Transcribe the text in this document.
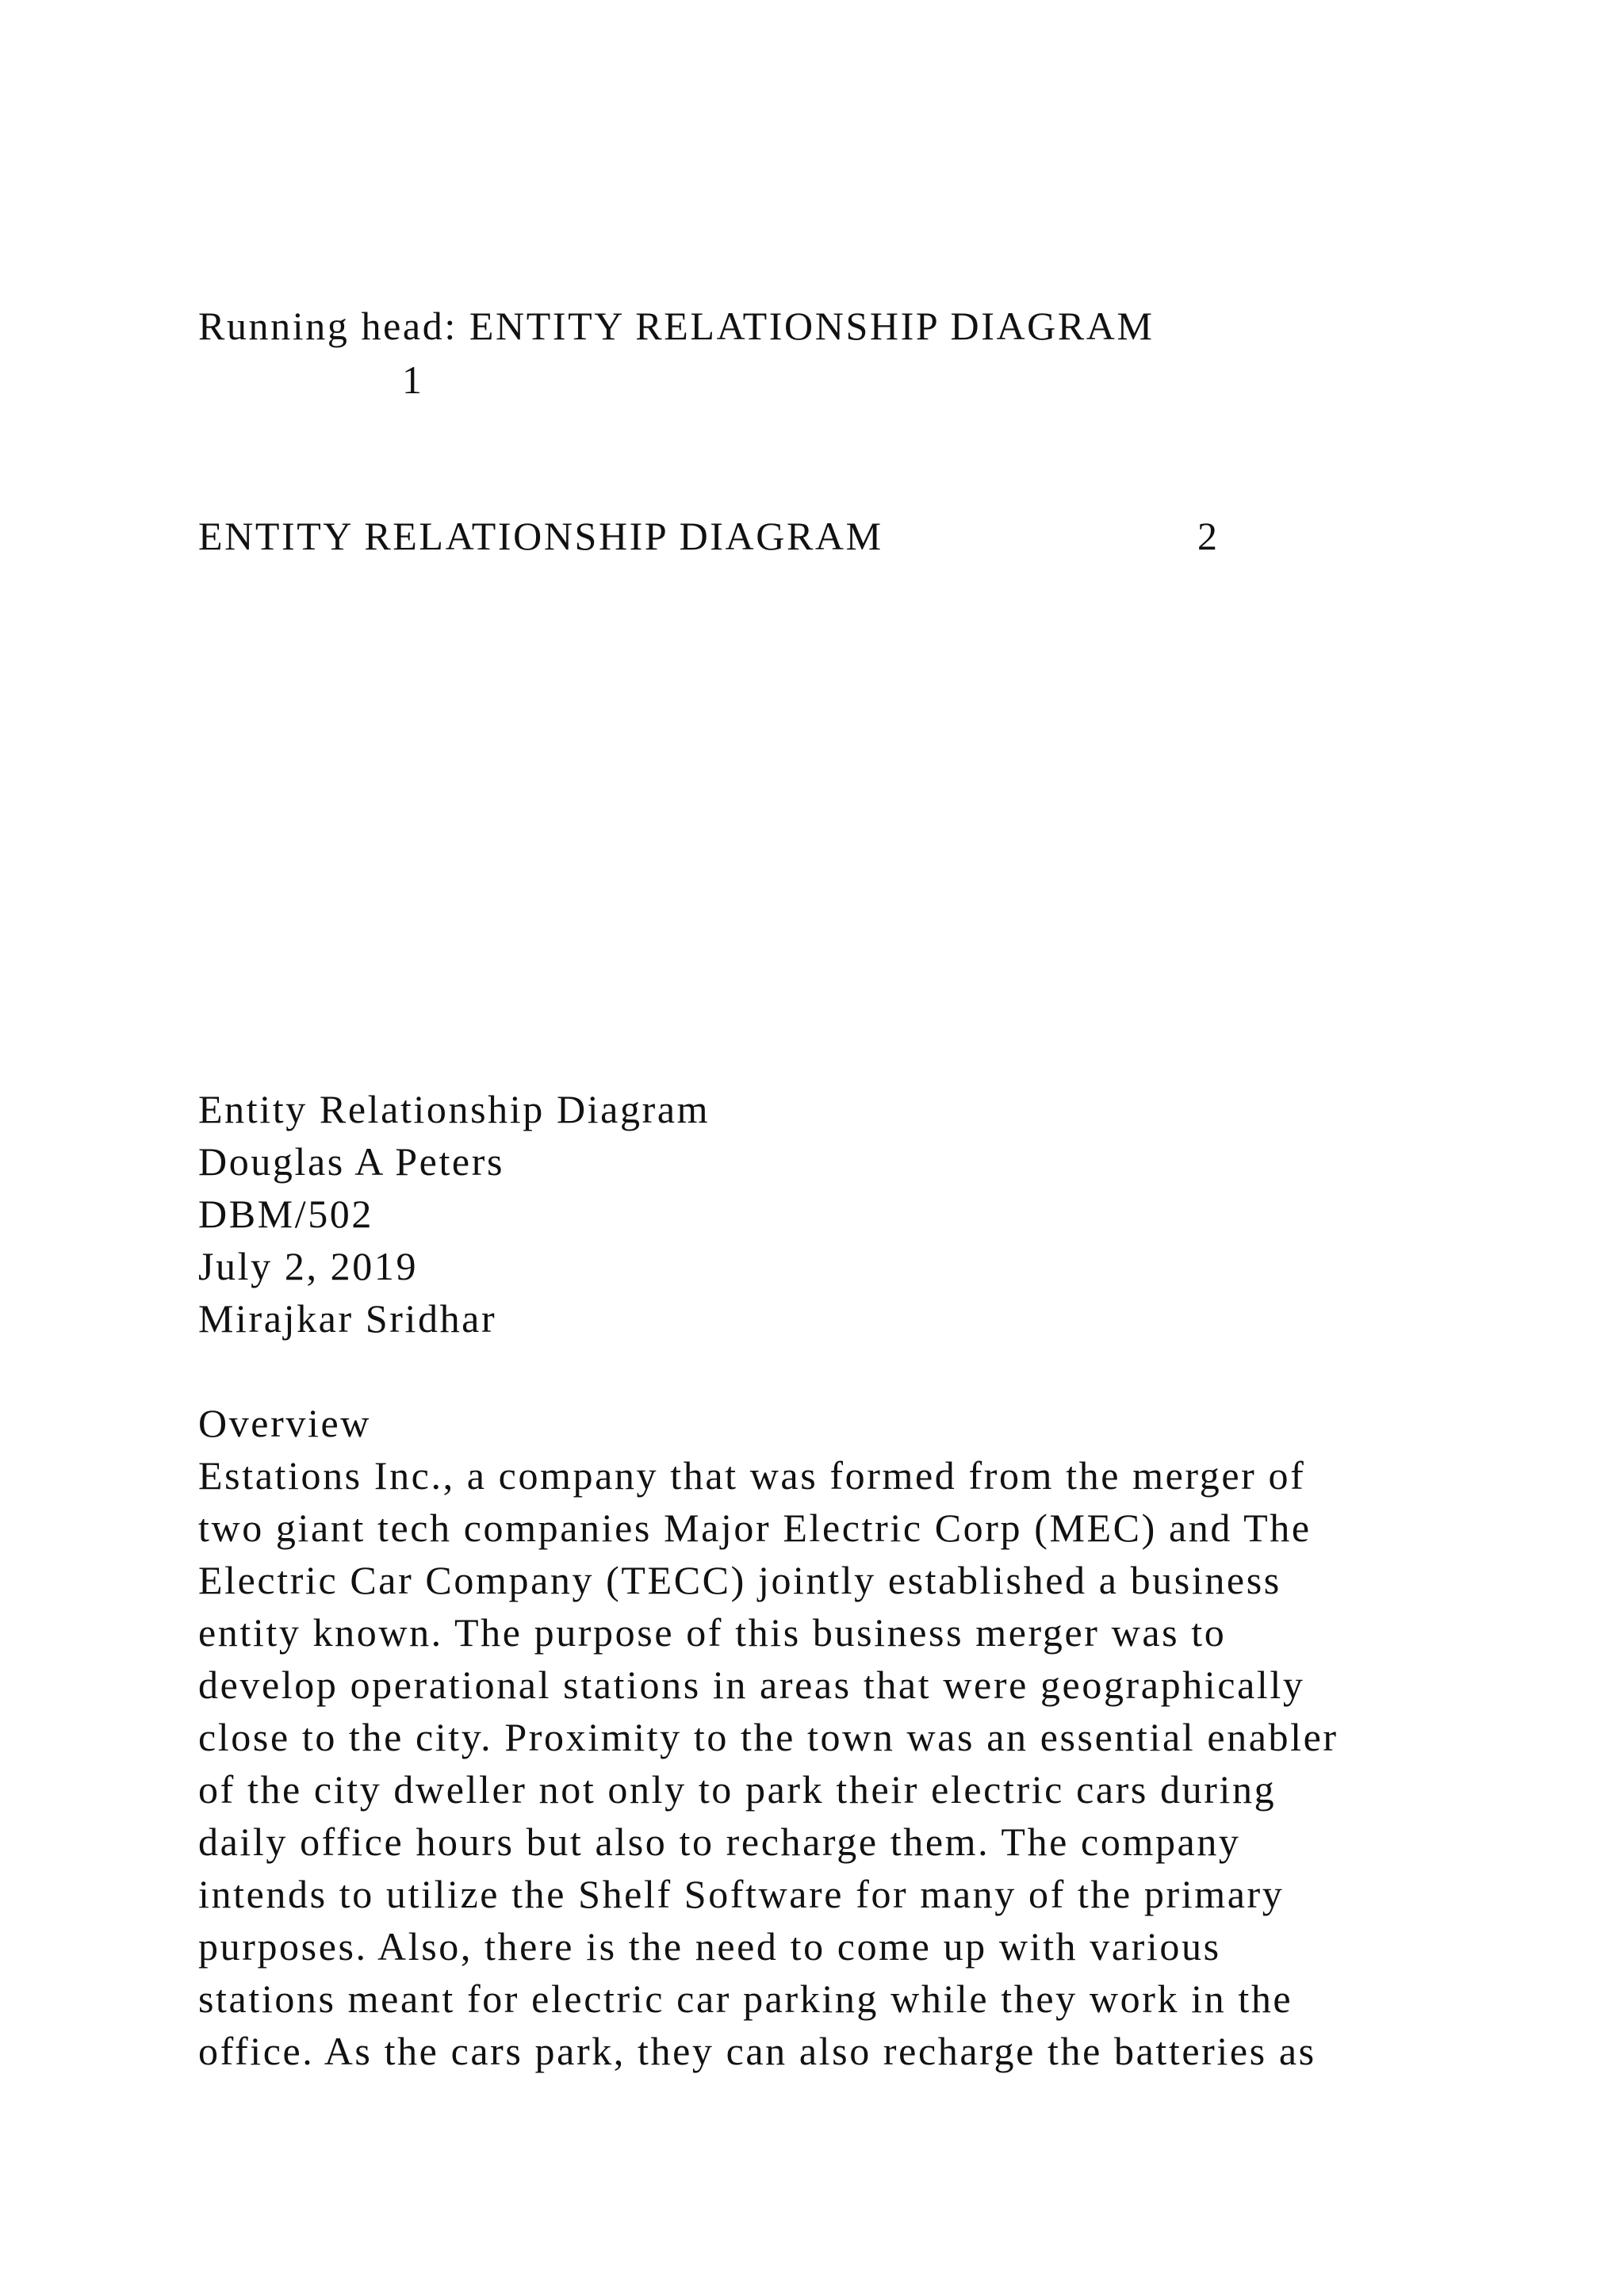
Running head: ENTITY RELATIONSHIP DIAGRAM
1
ENTITY RELATIONSHIP DIAGRAM	2
Entity Relationship Diagram
Douglas A Peters
DBM/502
July 2, 2019
Mirajkar Sridhar
Overview
Estations Inc., a company that was formed from the merger of
two giant tech companies Major Electric Corp (MEC) and The
Electric Car Company (TECC) jointly established a business
entity known. The purpose of this business merger was to
develop operational stations in areas that were geographically
close to the city. Proximity to the town was an essential enabler
of the city dweller not only to park their electric cars during
daily office hours but also to recharge them. The company
intends to utilize the Shelf Software for many of the primary
purposes. Also, there is the need to come up with various
stations meant for electric car parking while they work in the
office. As the cars park, they can also recharge the batteries as
